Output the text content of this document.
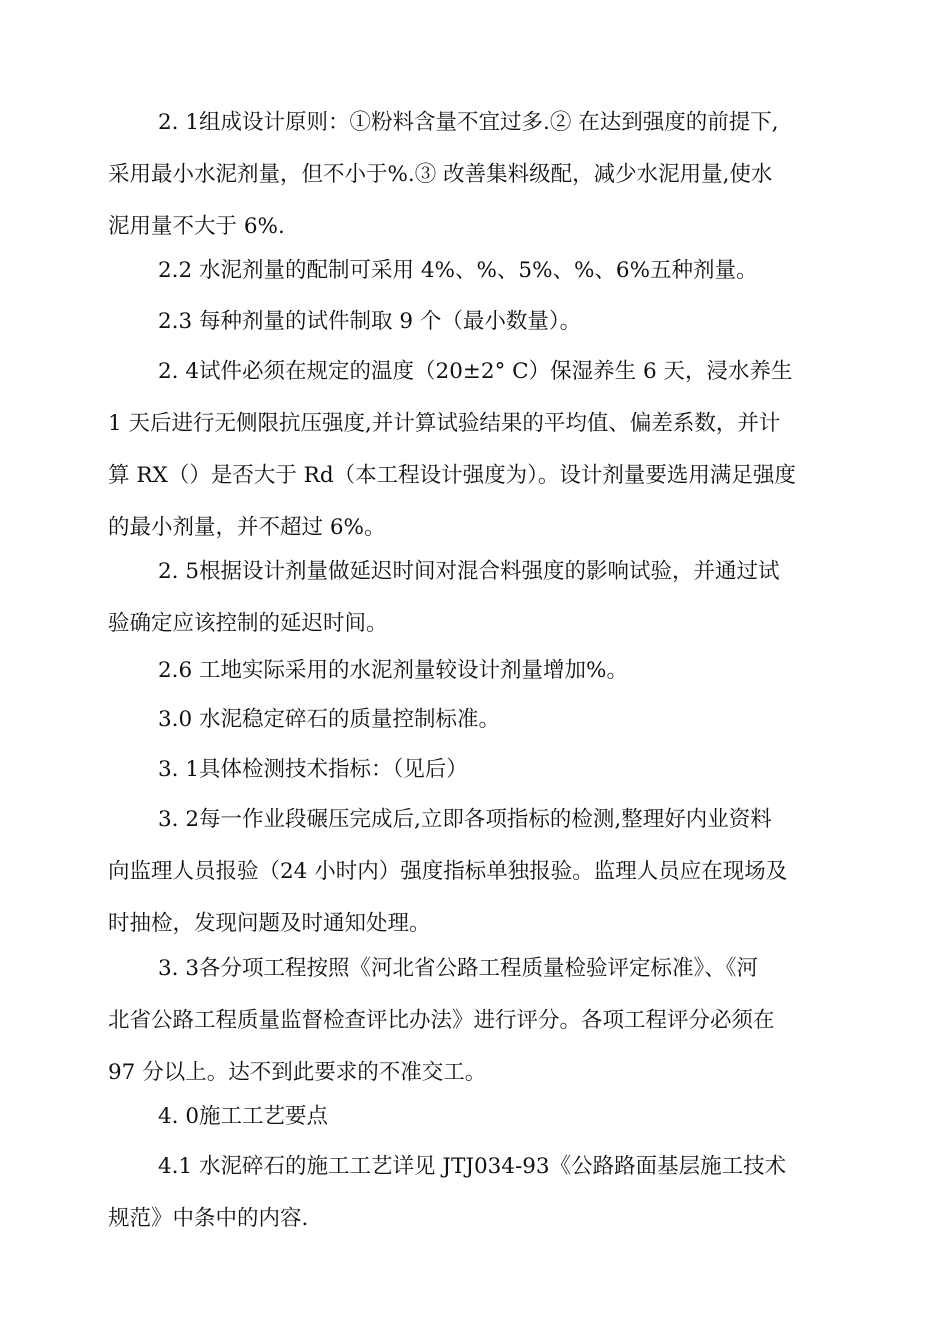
2. 1组成设计原则：①粉料含量不宜过多.② 在达到强度的前提下,
采用最小水泥剂量，但不小于%.③ 改善集料级配，减少水泥用量,使水
泥用量不大于 6%.
2.2 水泥剂量的配制可采用 4%、%、5%、%、6%五种剂量。
2.3 每种剂量的试件制取 9 个（最小数量）。
2. 4试件必须在规定的温度（20±2° C）保湿养生 6 天，浸水养生
1 天后进行无侧限抗压强度,并计算试验结果的平均值、偏差系数，并计
算 RX（）是否大于 Rd（本工程设计强度为）。设计剂量要选用满足强度
的最小剂量，并不超过 6%。
2. 5根据设计剂量做延迟时间对混合料强度的影响试验，并通过试
验确定应该控制的延迟时间。
2.6 工地实际采用的水泥剂量较设计剂量增加%。
3.0 水泥稳定碎石的质量控制标准。
3. 1具体检测技术指标：（见后）
3. 2每一作业段碾压完成后,立即各项指标的检测,整理好内业资料
向监理人员报验（24 小时内）强度指标单独报验。监理人员应在现场及
时抽检，发现问题及时通知处理。
3. 3各分项工程按照《河北省公路工程质量检验评定标准》、《河
北省公路工程质量监督检查评比办法》进行评分。各项工程评分必须在
97 分以上。达不到此要求的不准交工。
4. 0施工工艺要点
4.1 水泥碎石的施工工艺详见 JTJ034-93《公路路面基层施工技术
规范》中条中的内容.
